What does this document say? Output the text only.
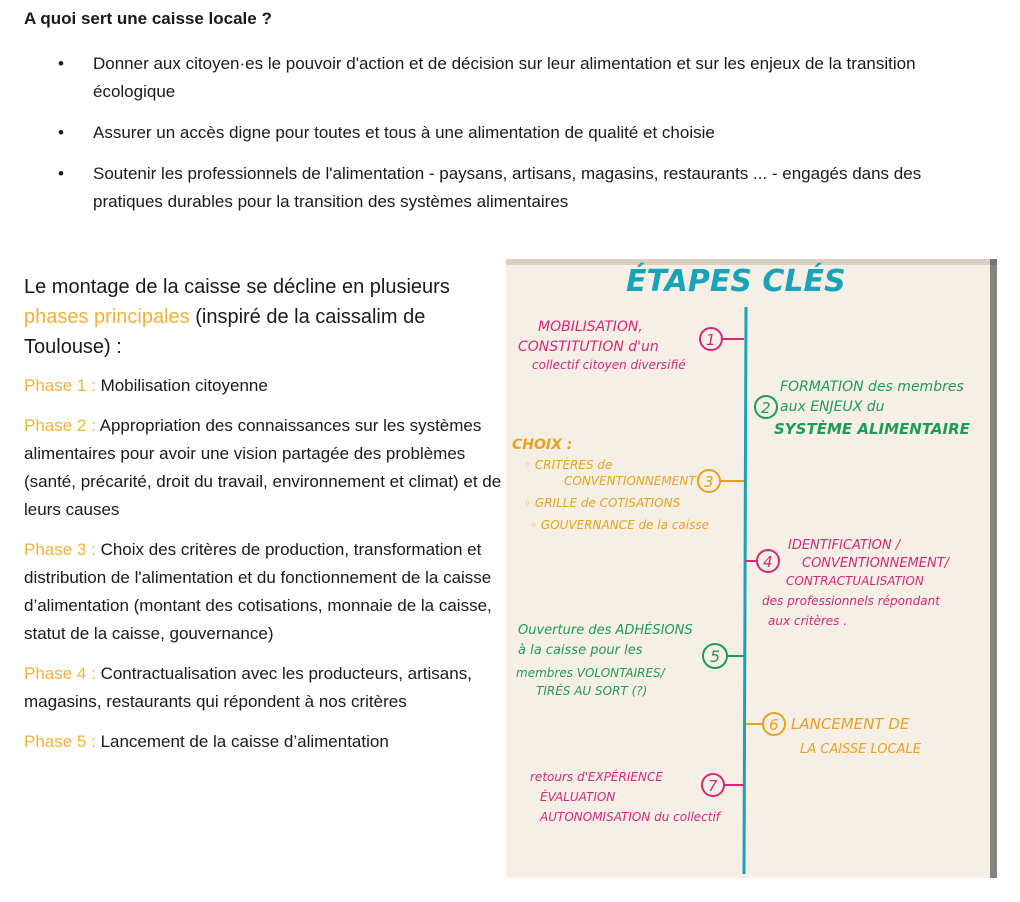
A quoi sert une caisse locale ?
• Donner aux citoyen·es le pouvoir d'action et de décision sur leur alimentation et sur les enjeux de la transition écologique
• Assurer un accès digne pour toutes et tous à une alimentation de qualité et choisie
• Soutenir les professionnels de l'alimentation - paysans, artisans, magasins, restaurants ... - engagés dans des pratiques durables pour la transition des systèmes alimentaires

Le montage de la caisse se décline en plusieurs phases principales (inspiré de la caissalim de Toulouse) :

Phase 1 : Mobilisation citoyenne

Phase 2 : Appropriation des connaissances sur les systèmes alimentaires pour avoir une vision partagée des problèmes (santé, précarité, droit du travail, environnement et climat) et de leurs causes

Phase 3 : Choix des critères de production, transformation et distribution de l'alimentation et du fonctionnement de la caisse d’alimentation (montant des cotisations, monnaie de la caisse, statut de la caisse, gouvernance)

Phase 4 : Contractualisation avec les producteurs, artisans, magasins, restaurants qui répondent à nos critères

Phase 5 : Lancement de la caisse d’alimentation

ÉTAPES CLÉS
MOBILISATION,
CONSTITUTION d'un
collectif citoyen diversifié
1
2
FORMATION des membres
aux ENJEUX du
SYSTÈME ALIMENTAIRE
CHOIX :
◦ CRITÈRES de
CONVENTIONNEMENT
◦ GRILLE de COTISATIONS
◦ GOUVERNANCE de la caisse
3
4
IDENTIFICATION /
CONVENTIONNEMENT/
CONTRACTUALISATION
des professionnels répondant
aux critères .
Ouverture des ADHÉSIONS
à la caisse pour les
membres VOLONTAIRES/
TIRÉS AU SORT (?)
5
6 LANCEMENT DE
LA CAISSE LOCALE
retours d'EXPÉRIENCE
ÉVALUATION
AUTONOMISATION du collectif
7
